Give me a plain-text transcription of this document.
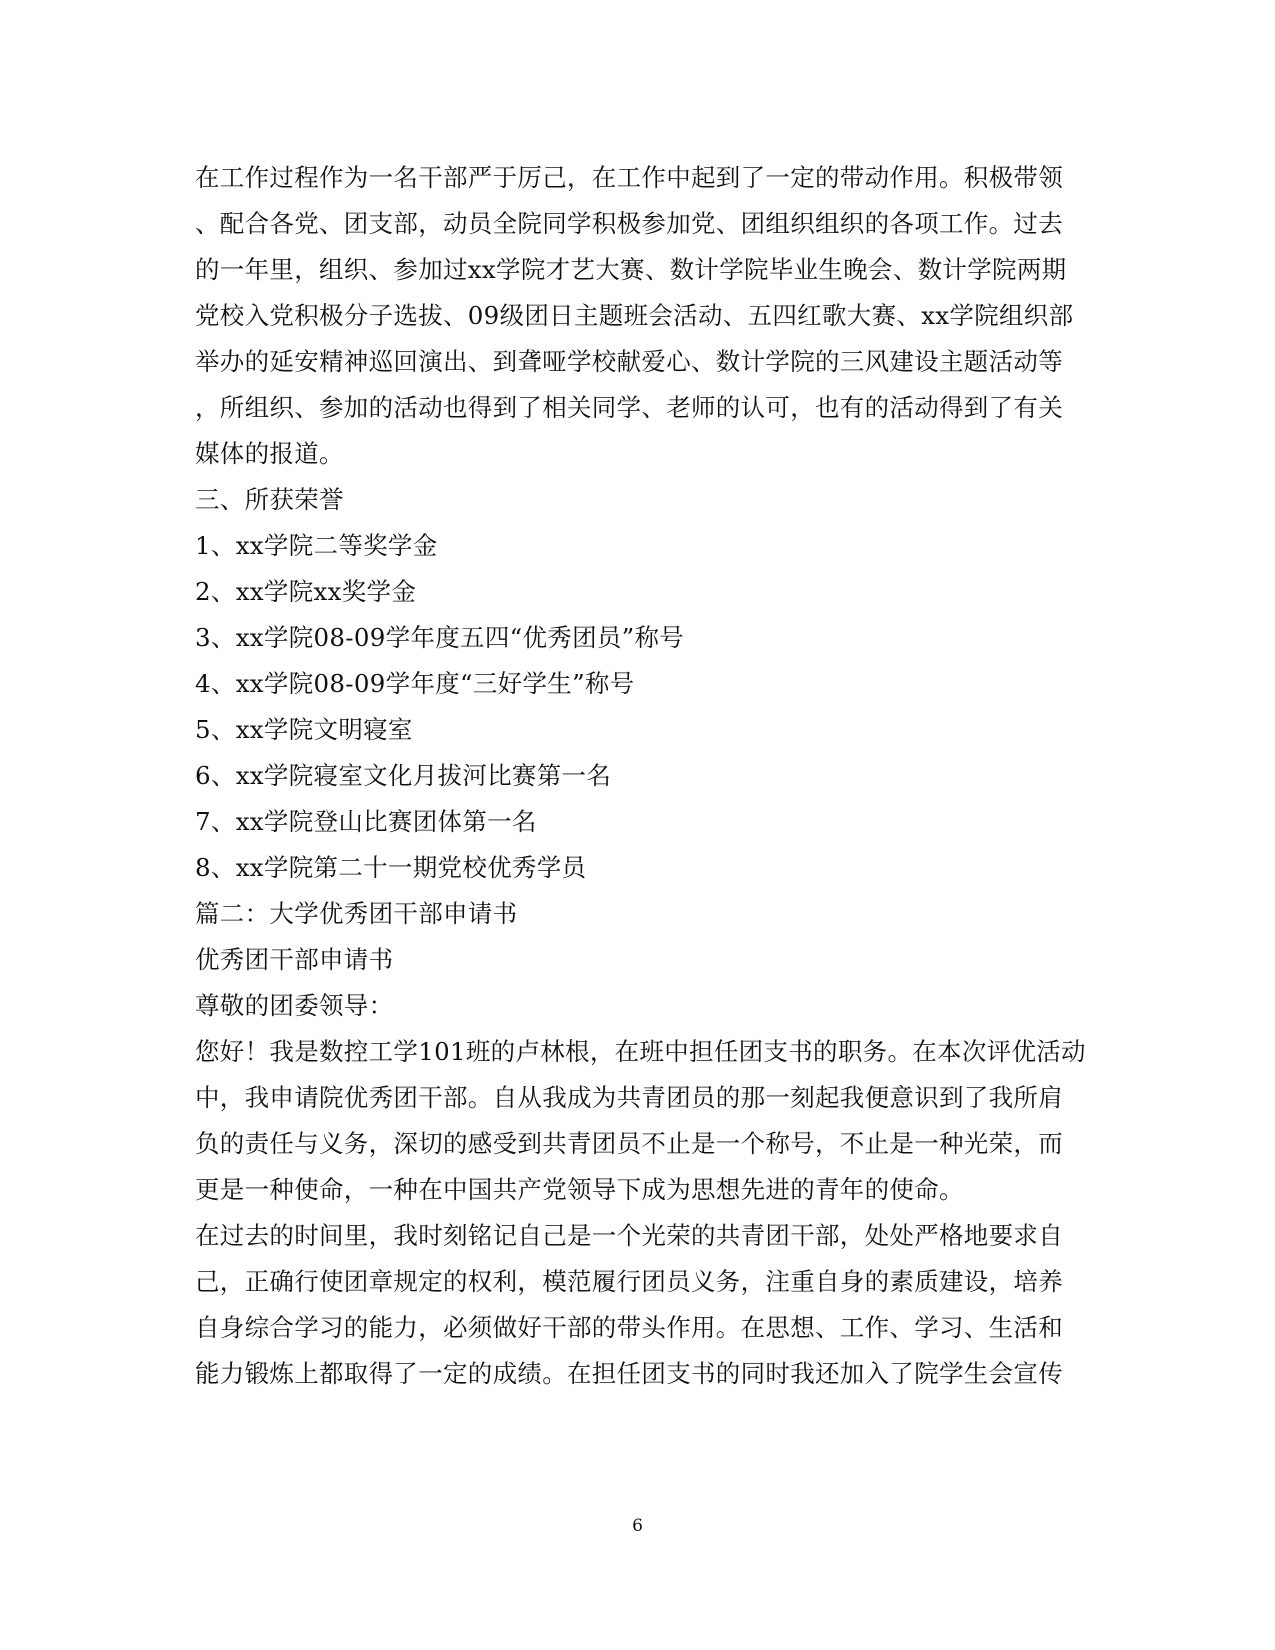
在工作过程作为一名干部严于厉己，在工作中起到了一定的带动作用。积极带领
、配合各党、团支部，动员全院同学积极参加党、团组织组织的各项工作。过去
的一年里，组织、参加过xx学院才艺大赛、数计学院毕业生晚会、数计学院两期
党校入党积极分子选拔、09级团日主题班会活动、五四红歌大赛、xx学院组织部
举办的延安精神巡回演出、到聋哑学校献爱心、数计学院的三风建设主题活动等
，所组织、参加的活动也得到了相关同学、老师的认可，也有的活动得到了有关
媒体的报道。
三、所获荣誉
1、xx学院二等奖学金
2、xx学院xx奖学金
3、xx学院08-09学年度五四“优秀团员”称号
4、xx学院08-09学年度“三好学生”称号
5、xx学院文明寝室
6、xx学院寝室文化月拔河比赛第一名
7、xx学院登山比赛团体第一名
8、xx学院第二十一期党校优秀学员
篇二：大学优秀团干部申请书
优秀团干部申请书
尊敬的团委领导：
您好！我是数控工学101班的卢林根，在班中担任团支书的职务。在本次评优活动
中，我申请院优秀团干部。自从我成为共青团员的那一刻起我便意识到了我所肩
负的责任与义务，深切的感受到共青团员不止是一个称号，不止是一种光荣，而
更是一种使命，一种在中国共产党领导下成为思想先进的青年的使命。
在过去的时间里，我时刻铭记自己是一个光荣的共青团干部，处处严格地要求自
己，正确行使团章规定的权利，模范履行团员义务，注重自身的素质建设，培养
自身综合学习的能力，必须做好干部的带头作用。在思想、工作、学习、生活和
能力锻炼上都取得了一定的成绩。在担任团支书的同时我还加入了院学生会宣传
6
